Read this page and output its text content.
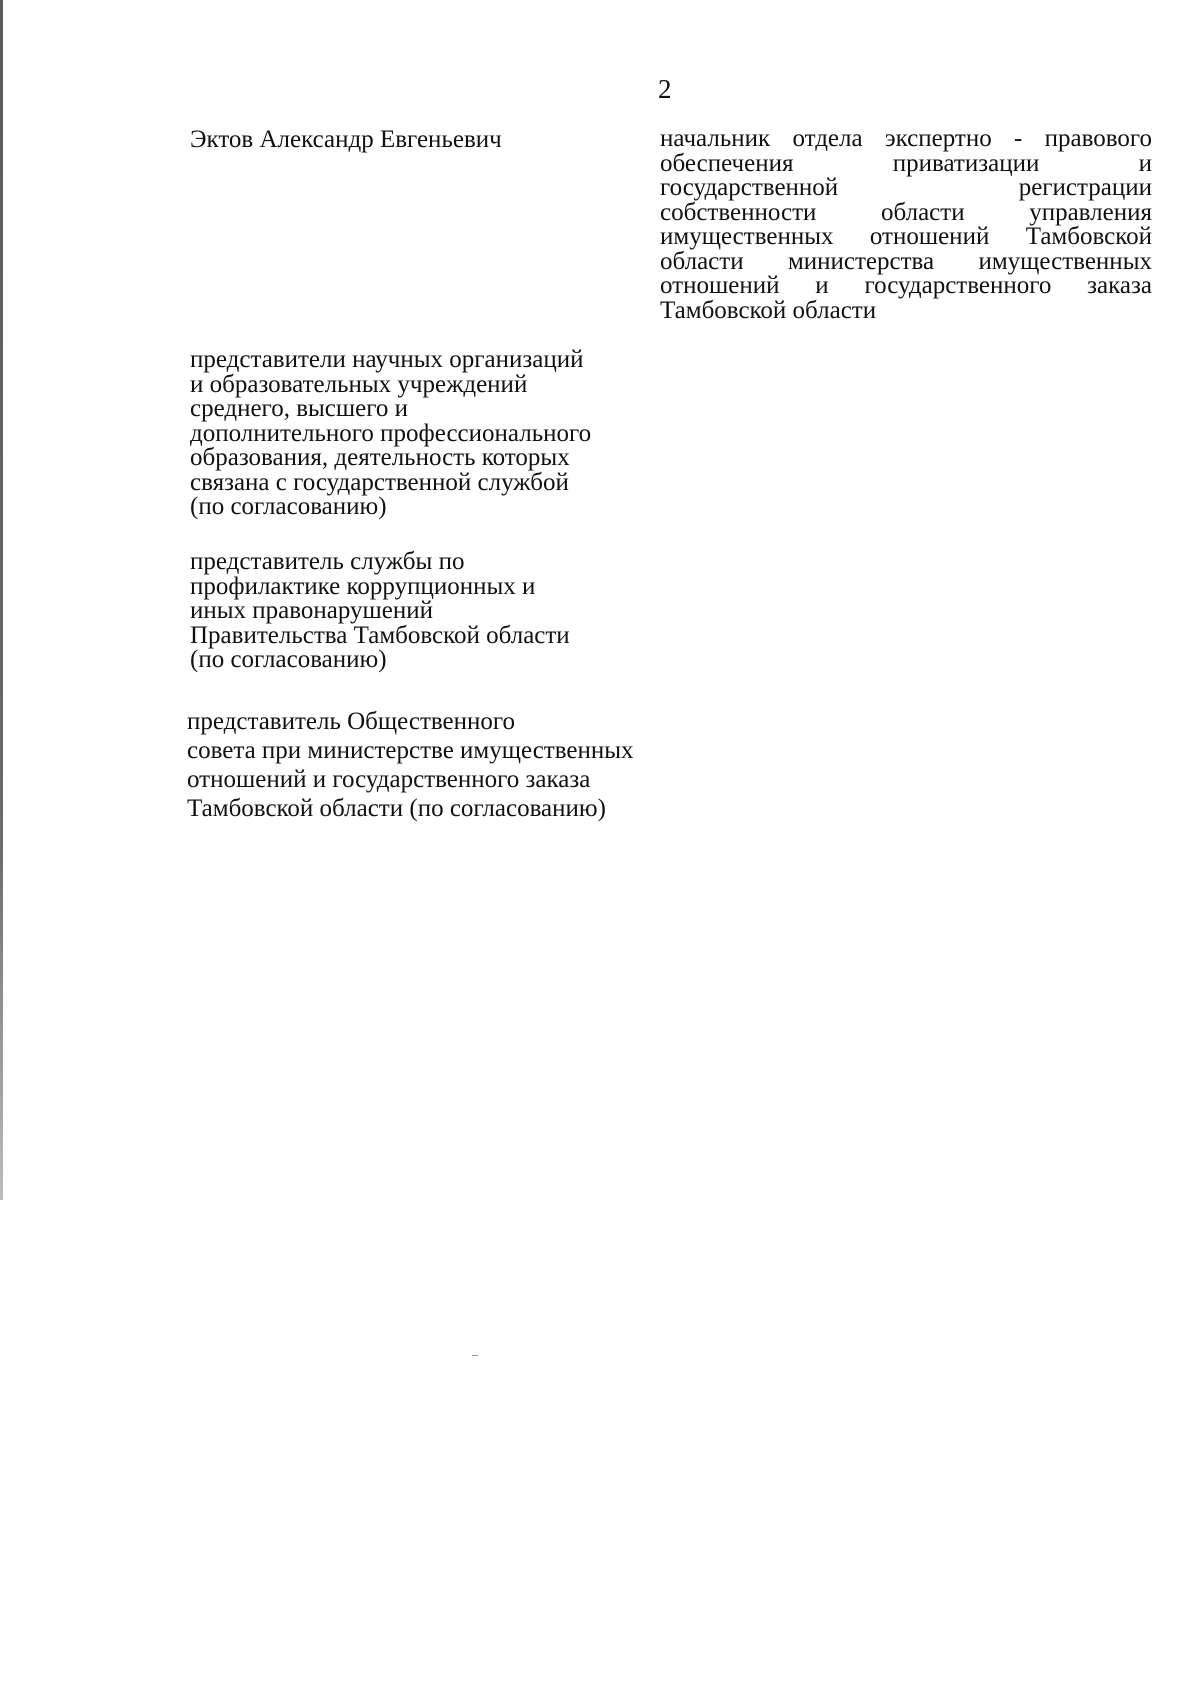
2
Эктов Александр Евгеньевич	начальник отдела экспертно - правового
обеспечения приватизации и
государственной регистрации
собственности области управления
имущественных отношений Тамбовской
области министерства имущественных
отношений и государственного заказа
Тамбовской области
представители научных организаций
и образовательных учреждений
среднего, высшего и
дополнительного профессионального
образования, деятельность которых
связана с государственной службой
(по согласованию)
представитель службы по
профилактике коррупционных и
иных правонарушений
Правительства Тамбовской области
(по согласованию)
представитель Общественного
совета при министерстве имущественных
отношений и государственного заказа
Тамбовской области (по согласованию)
